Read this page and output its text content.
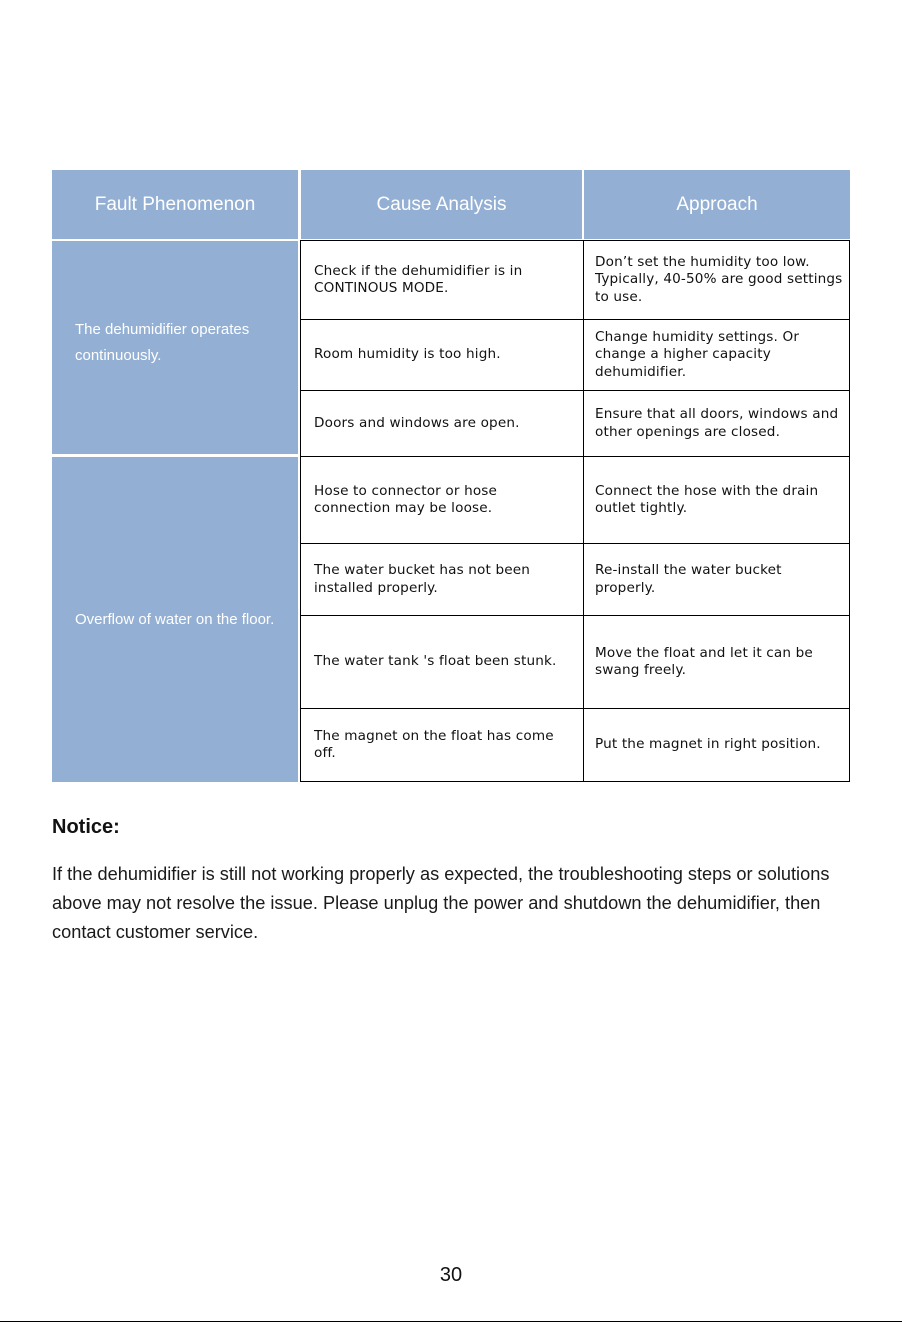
Fault Phenomenon	Cause Analysis	Approach
The dehumidifier operates continuously.
Overflow of water on the floor.
Check if the dehumidifier is in CONTINOUS MODE.
Don’t set the humidity too low. Typically, 40-50% are good settings to use.
Room humidity is too high.
Change humidity settings. Or change a higher capacity dehumidifier.
Doors and windows are open.
Ensure that all doors, windows and other openings are closed.
Hose to connector or hose connection may be loose.
Connect the hose with the drain outlet tightly.
The water bucket has not been installed properly.
Re-install the water bucket properly.
The water tank 's float been stunk.
Move the float and let it can be swang freely.
The magnet on the float has come off.
Put the magnet in right position.
Notice:
If the dehumidifier is still not working properly as expected, the troubleshooting steps or solutions above may not resolve the issue. Please unplug the power and shutdown the dehumidifier, then contact customer service.
30
